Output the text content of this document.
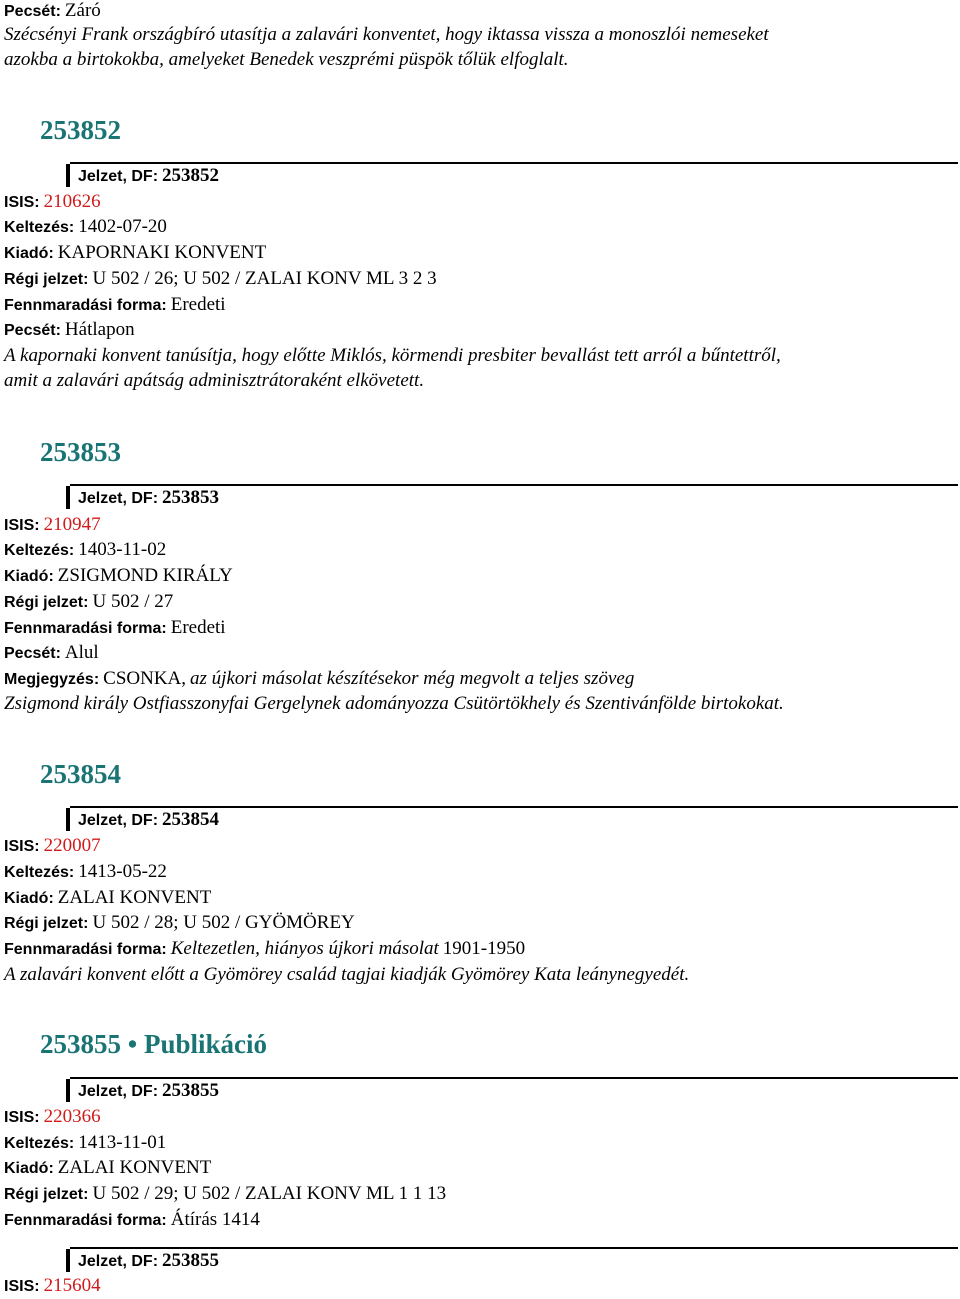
Pecsét: Záró
Szécsényi Frank országbíró utasítja a zalavári konventet, hogy iktassa vissza a monoszlói nemeseket
azokba a birtokokba, amelyeket Benedek veszprémi püspök tőlük elfoglalt.
253852
Jelzet, DF: 253852
ISIS: 210626
Keltezés: 1402-07-20
Kiadó: KAPORNAKI KONVENT
Régi jelzet: U 502 / 26; U 502 / ZALAI KONV ML 3 2 3
Fennmaradási forma: Eredeti
Pecsét: Hátlapon
A kapornaki konvent tanúsítja, hogy előtte Miklós, körmendi presbiter bevallást tett arról a bűntettről,
amit a zalavári apátság adminisztrátoraként elkövetett.
253853
Jelzet, DF: 253853
ISIS: 210947
Keltezés: 1403-11-02
Kiadó: ZSIGMOND KIRÁLY
Régi jelzet: U 502 / 27
Fennmaradási forma: Eredeti
Pecsét: Alul
Megjegyzés: CSONKA, az újkori másolat készítésekor még megvolt a teljes szöveg
Zsigmond király Ostfiasszonyfai Gergelynek adományozza Csütörtökhely és Szentivánfölde birtokokat.
253854
Jelzet, DF: 253854
ISIS: 220007
Keltezés: 1413-05-22
Kiadó: ZALAI KONVENT
Régi jelzet: U 502 / 28; U 502 / GYÖMÖREY
Fennmaradási forma: Keltezetlen, hiányos újkori másolat 1901-1950
A zalavári konvent előtt a Gyömörey család tagjai kiadják Gyömörey Kata leánynegyedét.
253855 • Publikáció
Jelzet, DF: 253855
ISIS: 220366
Keltezés: 1413-11-01
Kiadó: ZALAI KONVENT
Régi jelzet: U 502 / 29; U 502 / ZALAI KONV ML 1 1 13
Fennmaradási forma: Átírás 1414
Jelzet, DF: 253855
ISIS: 215604
